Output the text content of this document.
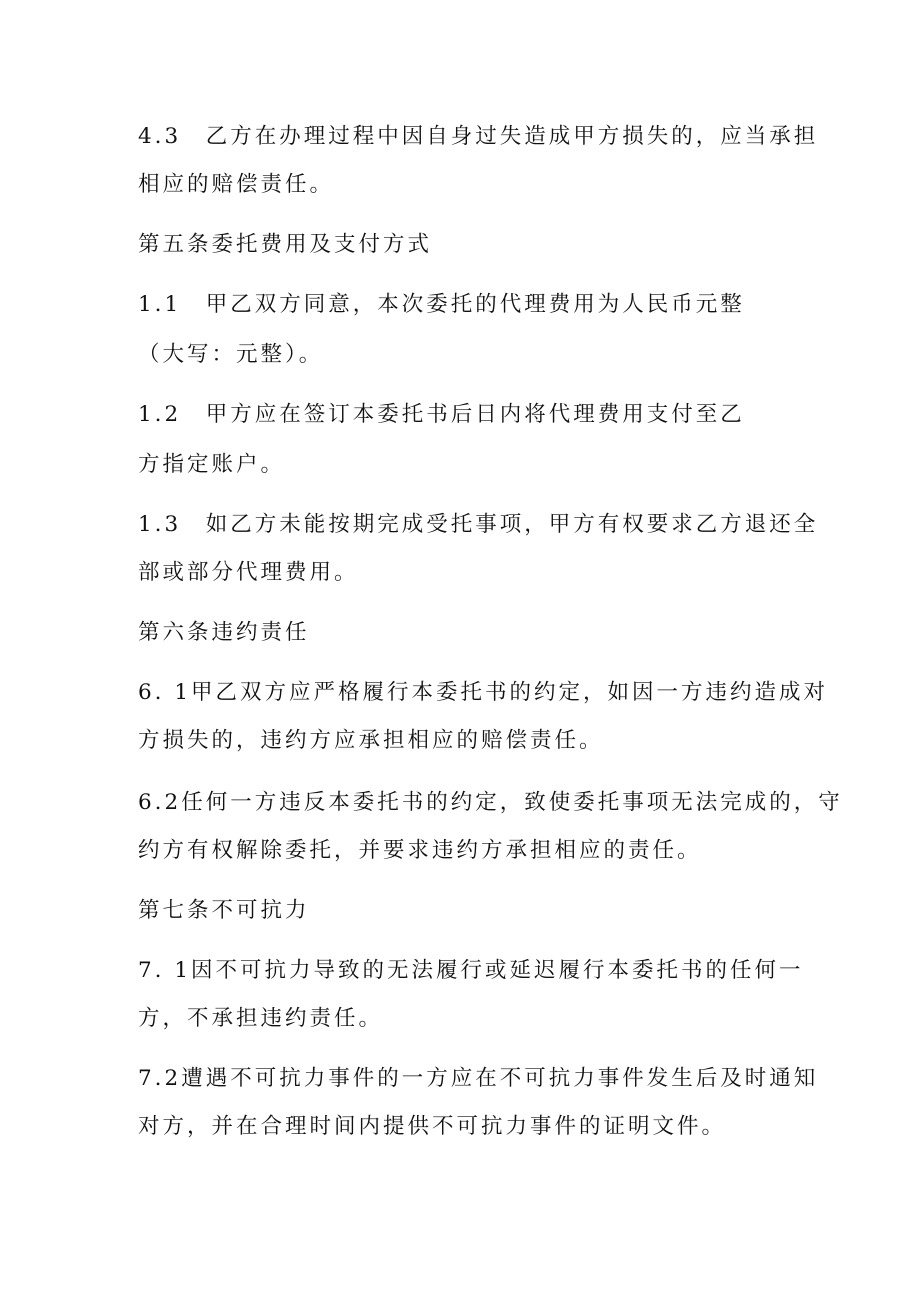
4.3　乙方在办理过程中因自身过失造成甲方损失的，应当承担
相应的赔偿责任。
第五条委托费用及支付方式
1.1　甲乙双方同意，本次委托的代理费用为人民币元整
（大写：元整）。
1.2　甲方应在签订本委托书后日内将代理费用支付至乙
方指定账户。
1.3　如乙方未能按期完成受托事项，甲方有权要求乙方退还全
部或部分代理费用。
第六条违约责任
6. 1甲乙双方应严格履行本委托书的约定，如因一方违约造成对
方损失的，违约方应承担相应的赔偿责任。
6.2任何一方违反本委托书的约定，致使委托事项无法完成的，守
约方有权解除委托，并要求违约方承担相应的责任。
第七条不可抗力
7. 1因不可抗力导致的无法履行或延迟履行本委托书的任何一
方，不承担违约责任。
7.2遭遇不可抗力事件的一方应在不可抗力事件发生后及时通知
对方，并在合理时间内提供不可抗力事件的证明文件。
